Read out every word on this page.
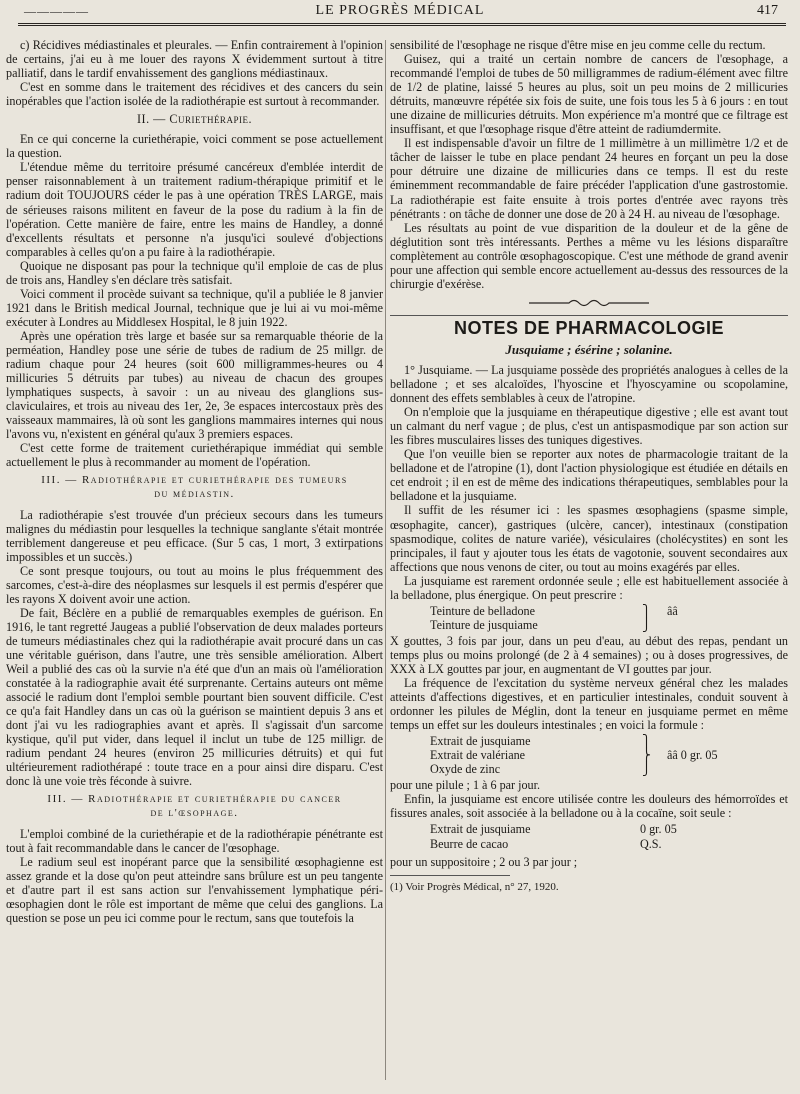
—————	LE PROGRÈS MÉDICAL	417

c) Récidives médiastinales et pleurales. — Enfin contrairement à l'opinion de certains, j'ai eu à me louer des rayons X évidemment surtout à titre palliatif, dans le tardif envahissement des ganglions médiastinaux.

C'est en somme dans le traitement des récidives et des cancers du sein inopérables que l'action isolée de la radiothérapie est surtout à recommander.

II. — Curiethérapie.

En ce qui concerne la curiethérapie, voici comment se pose actuellement la question.

L'étendue même du territoire présumé cancéreux d'emblée interdit de penser raisonnablement à un traitement radium-thérapique primitif et le radium doit TOUJOURS céder le pas à une opération TRÈS LARGE, mais de sérieuses raisons militent en faveur de la pose du radium à la fin de l'opération. Cette manière de faire, entre les mains de Handley, a donné d'excellents résultats et personne n'a jusqu'ici soulevé d'objections comparables à celles qu'on a pu faire à la radiothérapie.

Quoique ne disposant pas pour la technique qu'il emploie de cas de plus de trois ans, Handley s'en déclare très satisfait.

Voici comment il procède suivant sa technique, qu'il a publiée le 8 janvier 1921 dans le British medical Journal, technique que je lui ai vu moi-même exécuter à Londres au Middlesex Hospital, le 8 juin 1922.

Après une opération très large et basée sur sa remarquable théorie de la perméation, Handley pose une série de tubes de radium de 25 millgr. de radium chaque pour 24 heures (soit 600 milligrammes-heures ou 4 millicuries 5 détruits par tubes) au niveau de chacun des groupes lymphatiques suspects, à savoir : un au niveau des glanglions sus-claviculaires, et trois au niveau des 1er, 2e, 3e espaces intercostaux près des vaisseaux mammaires, là où sont les ganglions mammaires internes qui nous l'avons vu, n'existent en général qu'aux 3 premiers espaces.

C'est cette forme de traitement curiethérapique immédiat qui semble actuellement le plus à recommander au moment de l'opération.

III. — Radiothérapie et curiethérapie des tumeurs

du médiastin.

La radiothérapie s'est trouvée d'un précieux secours dans les tumeurs malignes du médiastin pour lesquelles la technique sanglante s'était montrée terriblement dangereuse et peu efficace. (Sur 5 cas, 1 mort, 3 extirpations impossibles et un succès.)

Ce sont presque toujours, ou tout au moins le plus fréquemment des sarcomes, c'est-à-dire des néoplasmes sur lesquels il est permis d'espérer que les rayons X doivent avoir une action.

De fait, Béclère en a publié de remarquables exemples de guérison. En 1916, le tant regretté Jaugeas a publié l'observation de deux malades porteurs de tumeurs médiastinales chez qui la radiothérapie avait procuré dans un cas une véritable guérison, dans l'autre, une très sensible amélioration. Albert Weil a publié des cas où la survie n'a été que d'un an mais où l'amélioration constatée à la radiographie avait été surprenante. Certains auteurs ont même associé le radium dont l'emploi semble pourtant bien souvent difficile. C'est ce qu'a fait Handley dans un cas où la guérison se maintient depuis 3 ans et dont j'ai vu les radiographies avant et après. Il s'agissait d'un sarcome kystique, qu'il put vider, dans lequel il inclut un tube de 125 milligr. de radium pendant 24 heures (environ 25 millicuries détruits) et qui fut ultérieurement radiothérapé : toute trace en a pour ainsi dire disparu. C'est donc là une voie très féconde à suivre.

III. — Radiothérapie et curiethérapie du cancer

de l'œsophage.

L'emploi combiné de la curiethérapie et de la radiothérapie pénétrante est tout à fait recommandable dans le cancer de l'œsophage.

Le radium seul est inopérant parce que la sensibilité œsophagienne est assez grande et la dose qu'on peut atteindre sans brûlure est un peu tangente et d'autre part il est sans action sur l'envahissement lymphatique péri-œsophagien dont le rôle est important de même que celui des ganglions. La question se pose un peu ici comme pour le rectum, sans que toutefois la

sensibilité de l'œsophage ne risque d'être mise en jeu comme celle du rectum.

Guisez, qui a traité un certain nombre de cancers de l'œsophage, a recommandé l'emploi de tubes de 50 milligrammes de radium-élément avec filtre de 1/2 de platine, laissé 5 heures au plus, soit un peu moins de 2 millicuries détruits, manœuvre répétée six fois de suite, une fois tous les 5 à 6 jours : en tout une dizaine de millicuries détruits. Mon expérience m'a montré que ce filtrage est insuffisant, et que l'œsophage risque d'être atteint de radiumdermite.

Il est indispensable d'avoir un filtre de 1 millimètre à un millimètre 1/2 et de tâcher de laisser le tube en place pendant 24 heures en forçant un peu la dose pour détruire une dizaine de millicuries dans ce temps. Il est du reste éminemment recommandable de faire précéder l'application d'une gastrostomie. La radiothérapie est faite ensuite à trois portes d'entrée avec rayons très pénétrants : on tâche de donner une dose de 20 à 24 H. au niveau de l'œsophage.

Les résultats au point de vue disparition de la douleur et de la gêne de déglutition sont très intéressants. Perthes a même vu les lésions disparaître complètement au contrôle œsophagoscopique. C'est une méthode de grand avenir pour une affection qui semble encore actuellement au-dessus des ressources de la chirurgie d'exérèse.

NOTES DE PHARMACOLOGIE
Jusquiame ; ésérine ; solanine.

1° Jusquiame. — La jusquiame possède des propriétés analogues à celles de la belladone ; et ses alcaloïdes, l'hyoscine et l'hyoscyamine ou scopolamine, donnent des effets semblables à ceux de l'atropine.

On n'emploie que la jusquiame en thérapeutique digestive ; elle est avant tout un calmant du nerf vague ; de plus, c'est un antispasmodique par son action sur les fibres musculaires lisses des tuniques digestives.

Que l'on veuille bien se reporter aux notes de pharmacologie traitant de la belladone et de l'atropine (1), dont l'action physiologique est étudiée en détails en cet endroit ; il en est de même des indications thérapeutiques, semblables pour la belladone et la jusquiame.

Il suffit de les résumer ici : les spasmes œsophagiens (spasme simple, œsophagite, cancer), gastriques (ulcère, cancer), intestinaux (constipation spasmodique, colites de nature variée), vésiculaires (cholécystites) en sont les principales, il faut y ajouter tous les états de vagotonie, souvent secondaires aux affections que nous venons de citer, ou tout au moins exagérés par elles.

La jusquiame est rarement ordonnée seule ; elle est habituellement associée à la belladone, plus énergique. On peut prescrire :

Teinture de belladone	⎫	ââ
Teinture de jusquiame	⎭	

X gouttes, 3 fois par jour, dans un peu d'eau, au début des repas, pendant un temps plus ou moins prolongé (de 2 à 4 semaines) ; ou à doses progressives, de XXX à LX gouttes par jour, en augmentant de VI gouttes par jour.

La fréquence de l'excitation du système nerveux général chez les malades atteints d'affections digestives, et en particulier intestinales, conduit souvent à ordonner les pilules de Méglin, dont la teneur en jusquiame permet en même temps un effet sur les douleurs intestinales ; en voici la formule :

Extrait de jusquiame	⎫	
Extrait de valériane	⎬	ââ 0 gr. 05
Oxyde de zinc	⎭	

pour une pilule ; 1 à 6 par jour.

Enfin, la jusquiame est encore utilisée contre les douleurs des hémorroïdes et fissures anales, soit associée à la belladone ou à la cocaïne, soit seule :

Extrait de jusquiame	0 gr. 05
Beurre de cacao	Q.S.

pour un suppositoire ; 2 ou 3 par jour ;

(1) Voir Progrès Médical, n° 27, 1920.
